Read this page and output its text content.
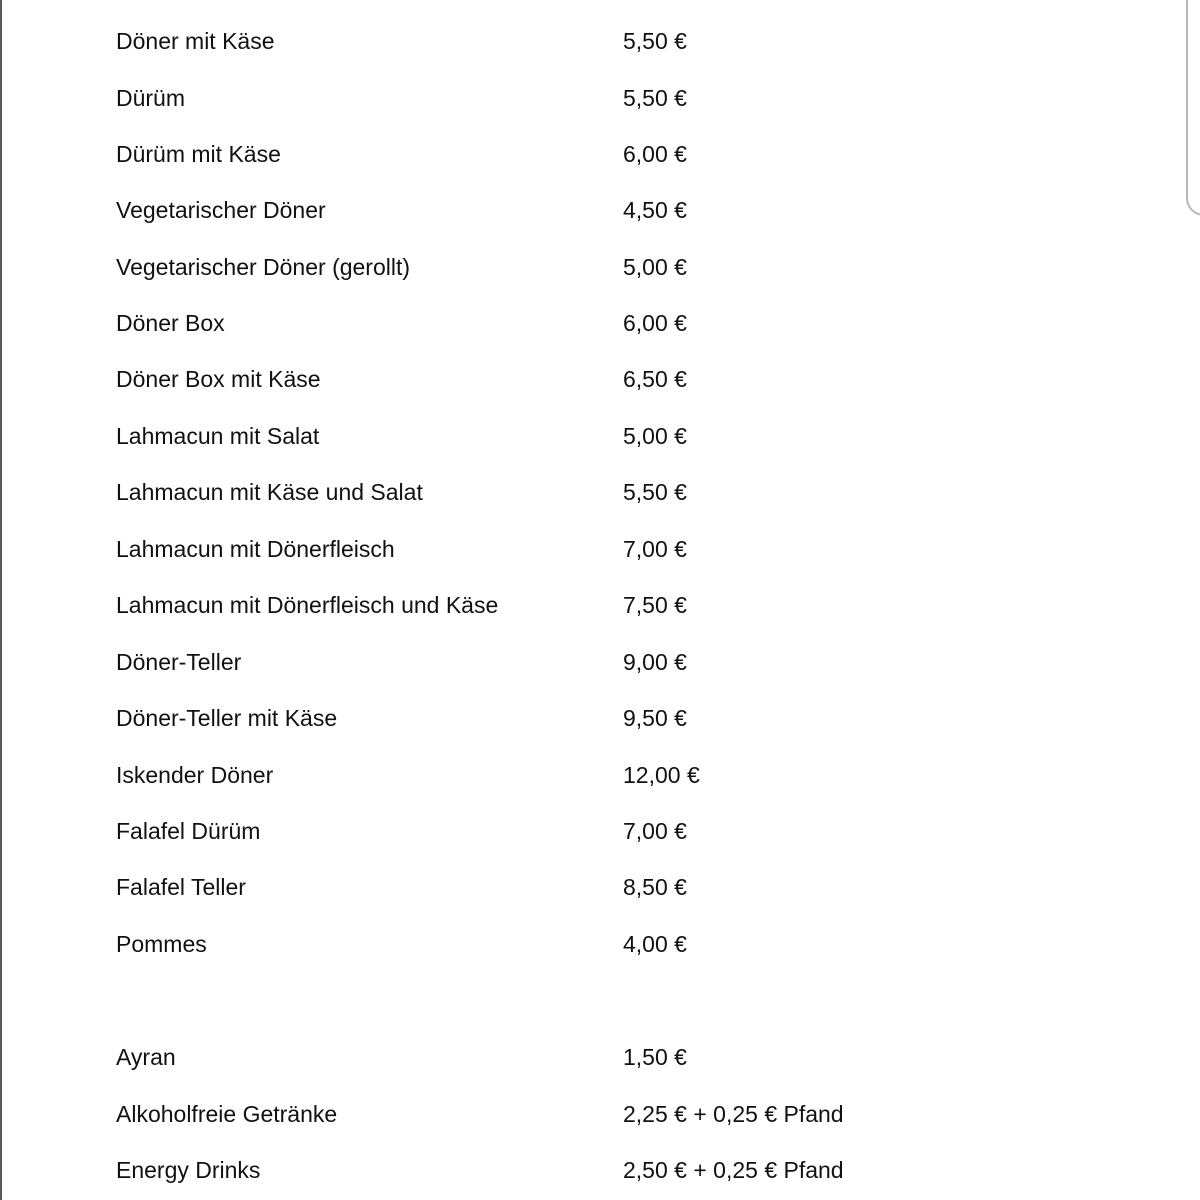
Döner mit Käse	5,50 €
Dürüm	5,50 €
Dürüm mit Käse	6,00 €
Vegetarischer Döner	4,50 €
Vegetarischer Döner (gerollt)	5,00 €
Döner Box	6,00 €
Döner Box mit Käse	6,50 €
Lahmacun mit Salat	5,00 €
Lahmacun mit Käse und Salat	5,50 €
Lahmacun mit Dönerfleisch	7,00 €
Lahmacun mit Dönerfleisch und Käse	7,50 €
Döner-Teller	9,00 €
Döner-Teller mit Käse	9,50 €
Iskender Döner	12,00 €
Falafel Dürüm	7,00 €
Falafel Teller	8,50 €
Pommes	4,00 €
Ayran	1,50 €
Alkoholfreie Getränke	2,25 € + 0,25 € Pfand
Energy Drinks	2,50 € + 0,25 € Pfand
